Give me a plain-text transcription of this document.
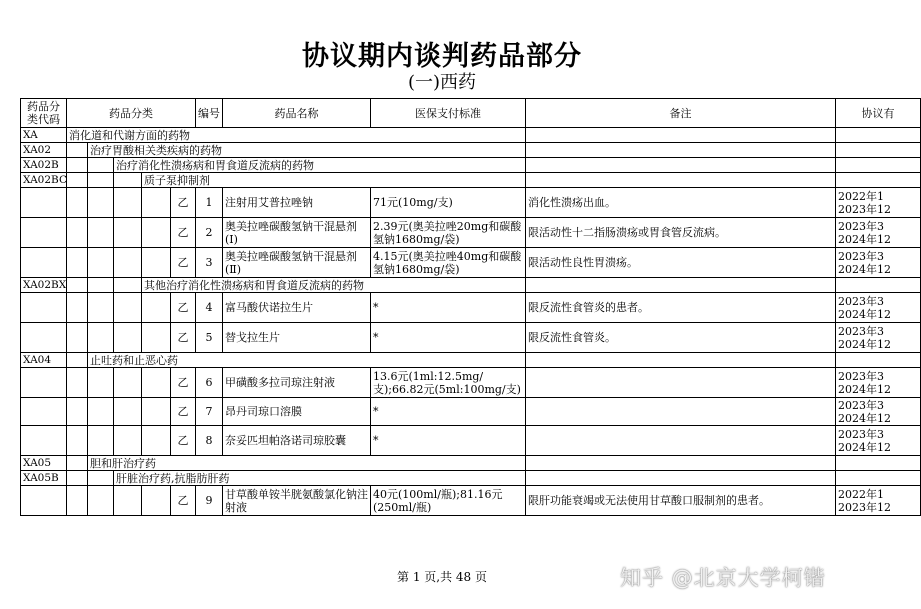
协议期内谈判药品部分
(一)西药
药品分类代码	药品分类					编号	药品名称	医保支付标准	备注	协议有
XA	消化道和代谢方面的药物									
XA02		治疗胃酸相关类疾病的药物								
XA02B			治疗消化性溃疡病和胃食道反流病的药物							
XA02BC				质子泵抑制剂						
					乙	1	注射用艾普拉唑钠	71元(10mg/支)	消化性溃疡出血。	2022年1
2023年12

					乙	2	奥美拉唑碳酸氢钠干混悬剂(Ⅰ)	2.39元(奥美拉唑20mg和碳酸氢钠1680mg/袋)	限活动性十二指肠溃疡或胃食管反流病。	2023年3
2024年12

					乙	3	奥美拉唑碳酸氢钠干混悬剂(Ⅱ)	4.15元(奥美拉唑40mg和碳酸氢钠1680mg/袋)	限活动性良性胃溃疡。	2023年3
2024年12

XA02BX				其他治疗消化性溃疡病和胃食道反流病的药物						
					乙	4	富马酸伏诺拉生片	*	限反流性食管炎的患者。	2023年3
2024年12

					乙	5	替戈拉生片	*	限反流性食管炎。	2023年3
2024年12

XA04		止吐药和止恶心药								
					乙	6	甲磺酸多拉司琼注射液	13.6元(1ml:12.5mg/支);66.82元(5ml:100mg/支)		2023年3
2024年12

					乙	7	昂丹司琼口溶膜	*		2023年3
2024年12

					乙	8	奈妥匹坦帕洛诺司琼胶囊	*		2023年3
2024年12

XA05		胆和肝治疗药								
XA05B			肝脏治疗药,抗脂肪肝药							
					乙	9	甘草酸单铵半胱氨酸氯化钠注射液	40元(100ml/瓶);81.16元(250ml/瓶)	限肝功能衰竭或无法使用甘草酸口服制剂的患者。	2022年1
2023年12
第 1 页,共 48 页	知乎 @北京大学柯锴
